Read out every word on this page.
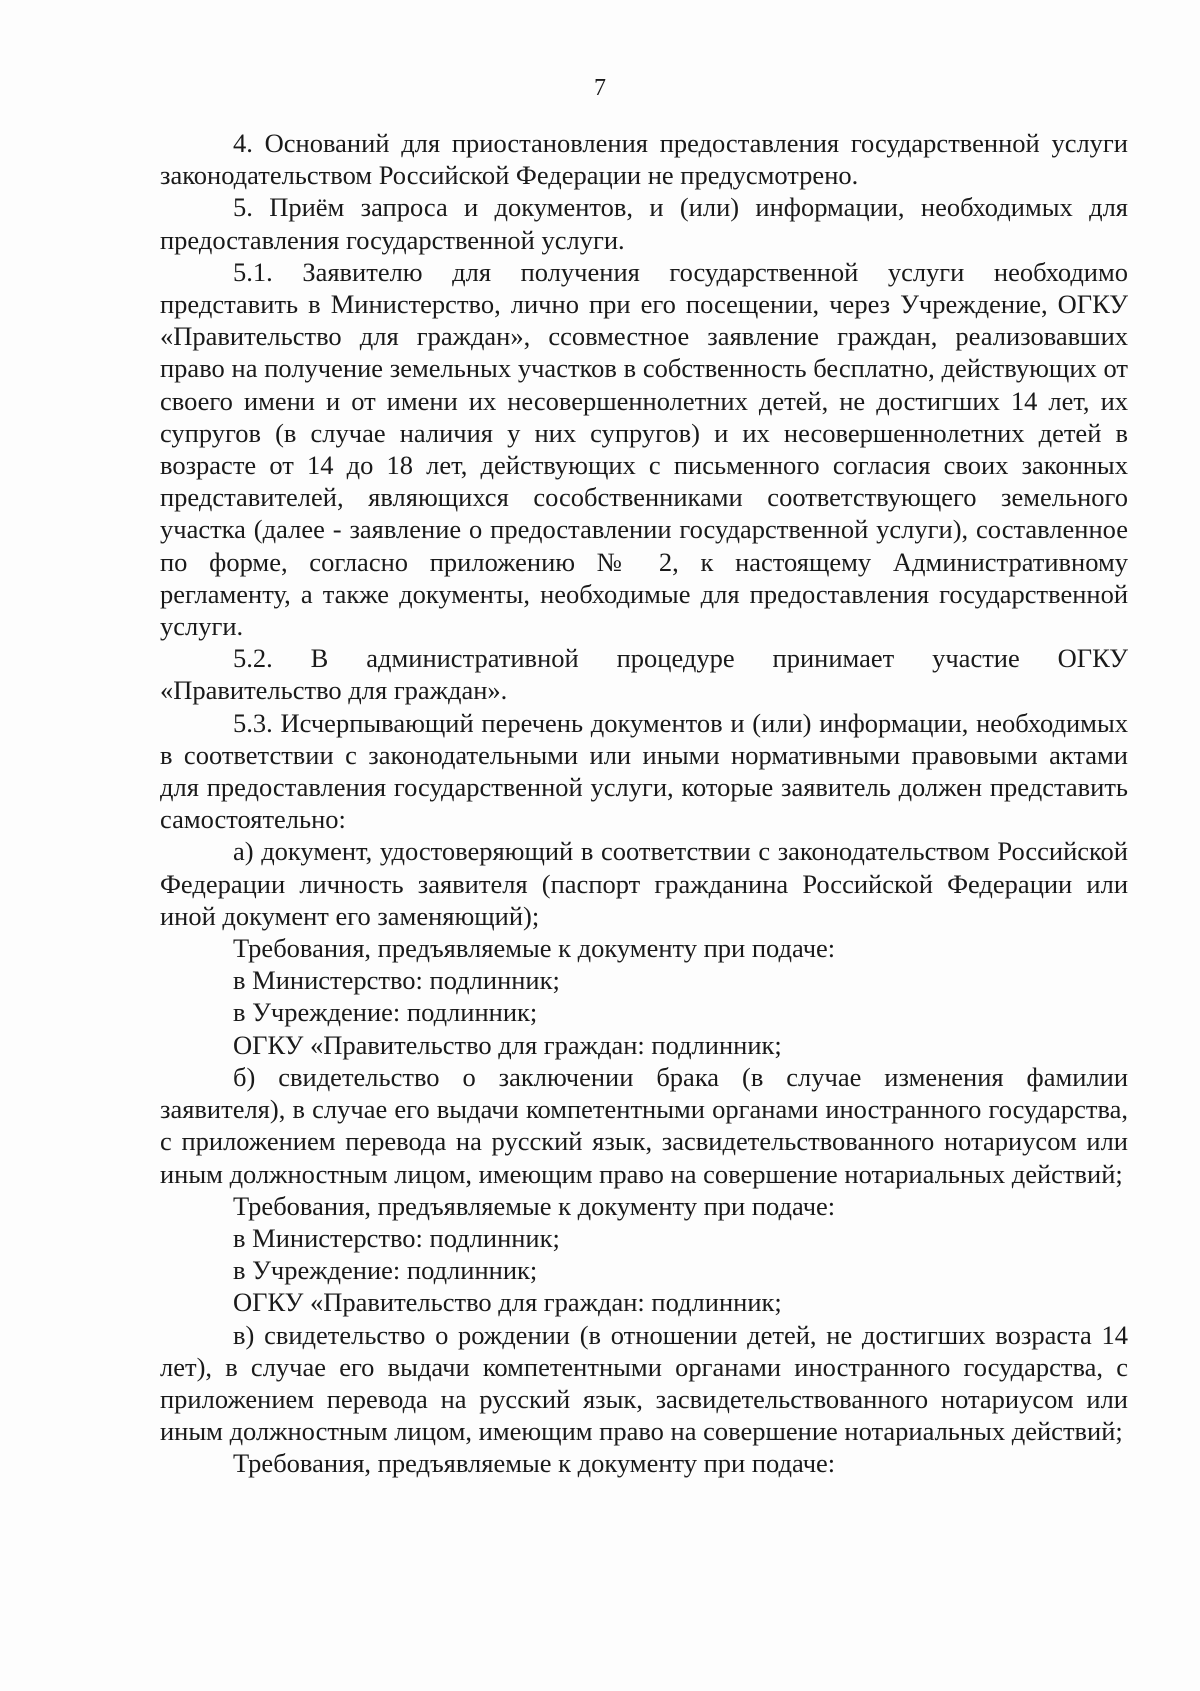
7

4. Оснований для приостановления предоставления государственной услуги законодательством Российской Федерации не предусмотрено.

5. Приём запроса и документов, и (или) информации, необходимых для предоставления государственной услуги.

5.1. Заявителю для получения государственной услуги необходимо представить в Министерство, лично при его посещении, через Учреждение, ОГКУ «Правительство для граждан», ссовместное заявление граждан, реализовавших право на получение земельных участков в собственность бесплатно, действующих от своего имени и от имени их несовершеннолетних детей, не достигших 14 лет, их супругов (в случае наличия у них супругов) и их несовершеннолетних детей в возрасте от 14 до 18 лет, действующих с письменного согласия своих законных представителей, являющихся сособственниками соответствующего земельного участка (далее - заявление о предоставлении государственной услуги), составленное по форме, согласно приложению № 2, к настоящему Административному регламенту, а также документы, необходимые для предоставления государственной услуги.

5.2. В административной процедуре принимает участие ОГКУ «Правительство для граждан».

5.3. Исчерпывающий перечень документов и (или) информации, необходимых в соответствии с законодательными или иными нормативными правовыми актами для предоставления государственной услуги, которые заявитель должен представить самостоятельно:

а) документ, удостоверяющий в соответствии с законодательством Российской Федерации личность заявителя (паспорт гражданина Российской Федерации или иной документ его заменяющий);

Требования, предъявляемые к документу при подаче:

в Министерство: подлинник;

в Учреждение: подлинник;

ОГКУ «Правительство для граждан: подлинник;

б) свидетельство о заключении брака (в случае изменения фамилии заявителя), в случае его выдачи компетентными органами иностранного государства, с приложением перевода на русский язык, засвидетельствованного нотариусом или иным должностным лицом, имеющим право на совершение нотариальных действий;

Требования, предъявляемые к документу при подаче:

в Министерство: подлинник;

в Учреждение: подлинник;

ОГКУ «Правительство для граждан: подлинник;

в) свидетельство о рождении (в отношении детей, не достигших возраста 14 лет), в случае его выдачи компетентными органами иностранного государства, с приложением перевода на русский язык, засвидетельствованного нотариусом или иным должностным лицом, имеющим право на совершение нотариальных действий;

Требования, предъявляемые к документу при подаче:
